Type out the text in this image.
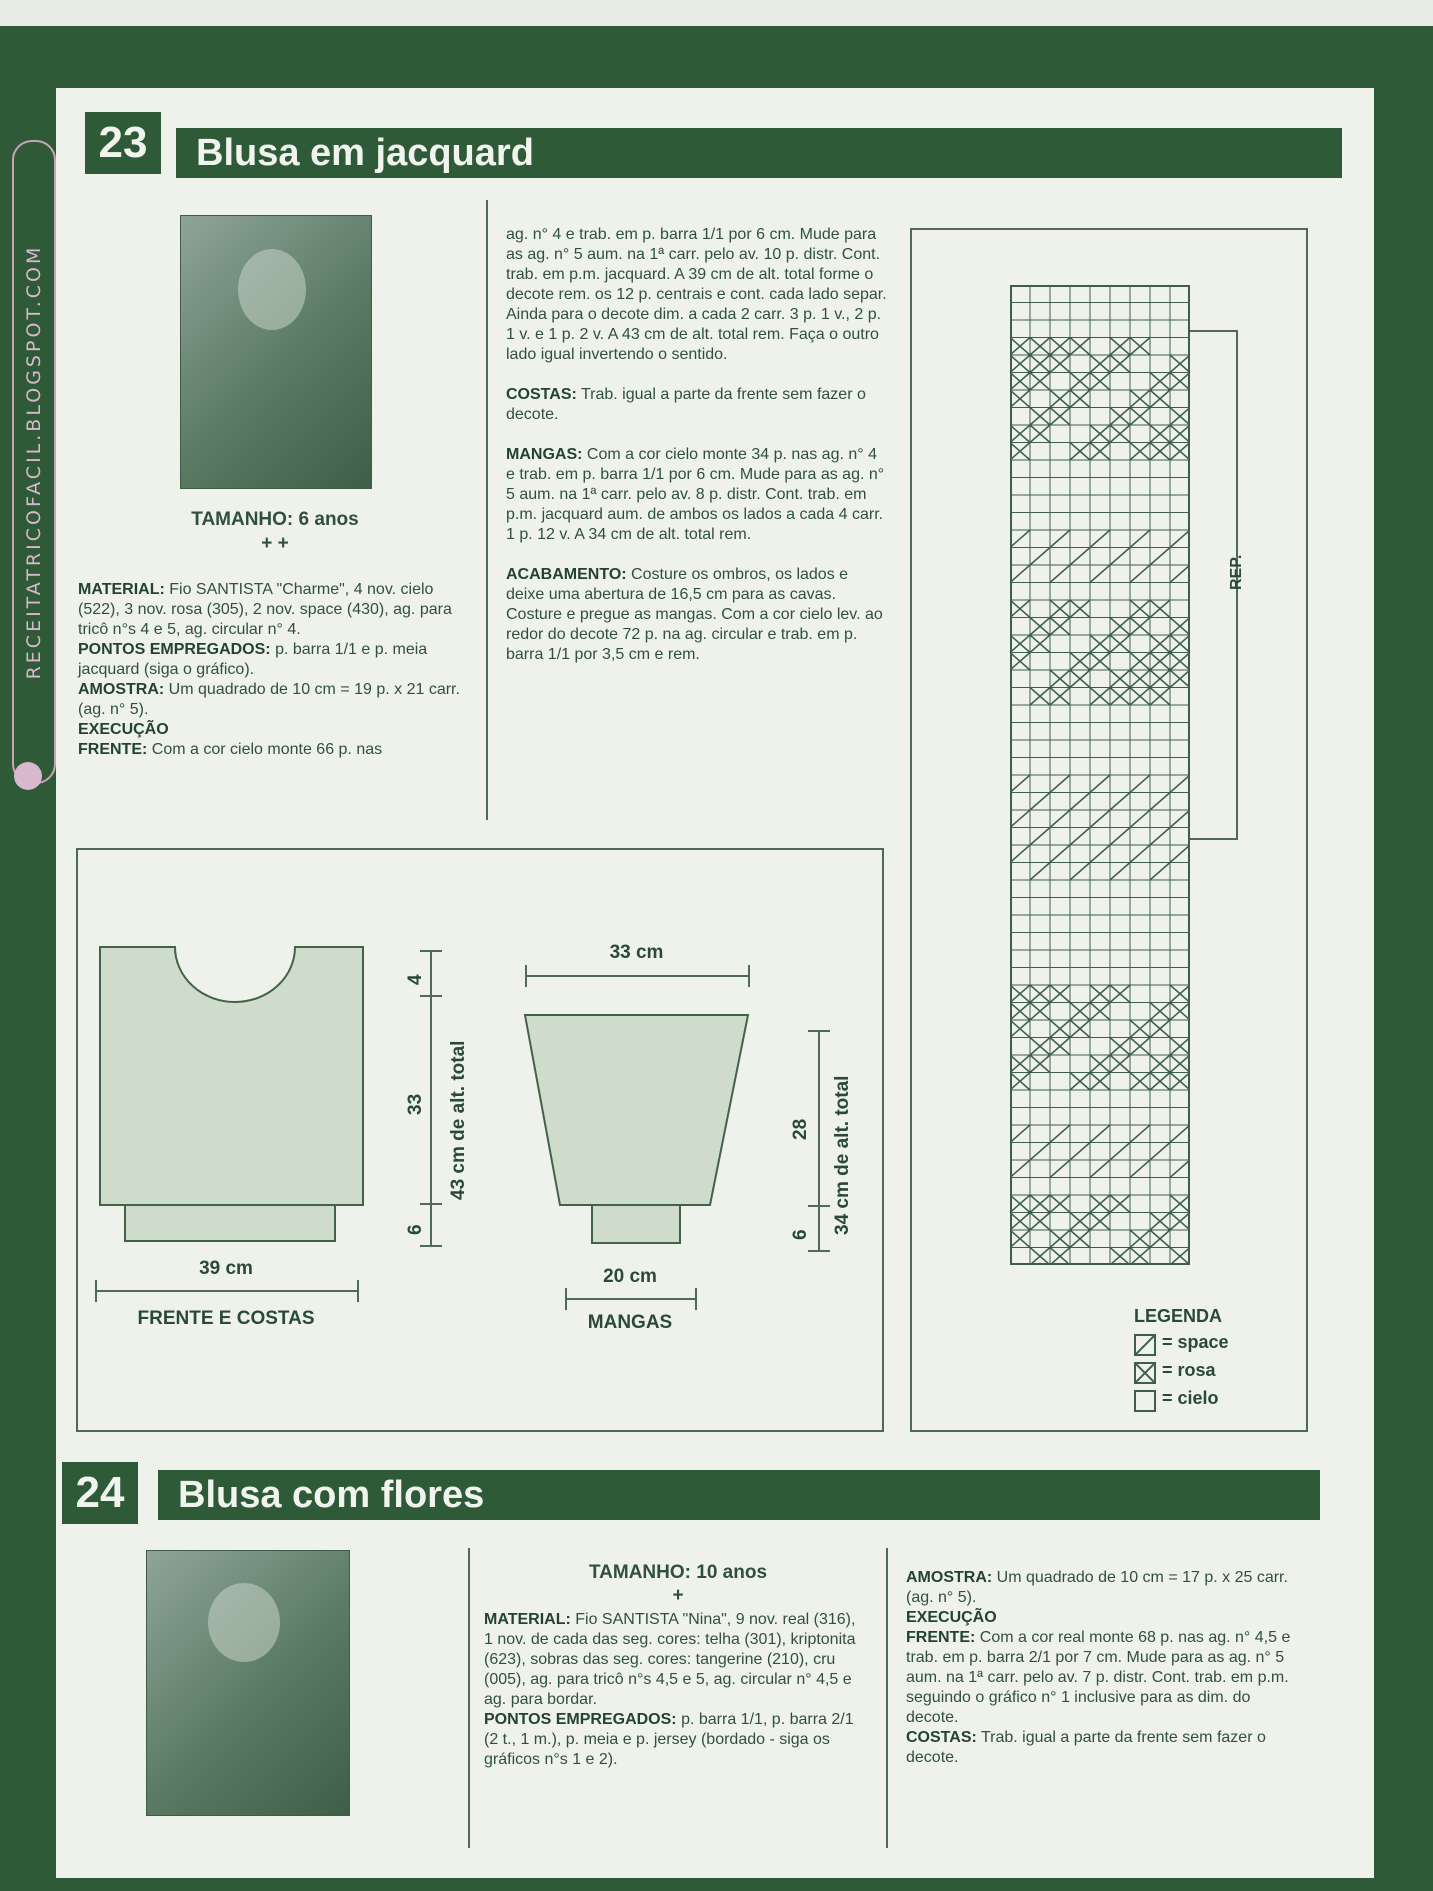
RECEITATRICOFACIL.BLOGSPOT.COM
23	Blusa em jacquard
TAMANHO: 6 anos
+ +
MATERIAL: Fio SANTISTA "Charme", 4 nov. cielo (522), 3 nov. rosa (305), 2 nov. space (430), ag. para tricô n°s 4 e 5, ag. circular n° 4.
PONTOS EMPREGADOS: p. barra 1/1 e p. meia jacquard (siga o gráfico).
AMOSTRA: Um quadrado de 10 cm = 19 p. x 21 carr. (ag. n° 5).
EXECUÇÃO
FRENTE: Com a cor cielo monte 66 p. nas
ag. n° 4 e trab. em p. barra 1/1 por 6 cm. Mude para as ag. n° 5 aum. na 1ª carr. pelo av. 10 p. distr. Cont. trab. em p.m. jacquard. A 39 cm de alt. total forme o decote rem. os 12 p. centrais e cont. cada lado separ. Ainda para o decote dim. a cada 2 carr. 3 p. 1 v., 2 p. 1 v. e 1 p. 2 v. A 43 cm de alt. total rem. Faça o outro lado igual invertendo o sentido.

COSTAS: Trab. igual a parte da frente sem fazer o decote.

MANGAS: Com a cor cielo monte 34 p. nas ag. n° 4 e trab. em p. barra 1/1 por 6 cm. Mude para as ag. n° 5 aum. na 1ª carr. pelo av. 8 p. distr. Cont. trab. em p.m. jacquard aum. de ambos os lados a cada 4 carr. 1 p. 12 v. A 34 cm de alt. total rem.

ACABAMENTO: Costure os ombros, os lados e deixe uma abertura de 16,5 cm para as cavas. Costure e pregue as mangas. Com a cor cielo lev. ao redor do decote 72 p. na ag. circular e trab. em p. barra 1/1 por 3,5 cm e rem.
39 cm
FRENTE E COSTAS
4
33
6
43 cm de alt. total
33 cm
20 cm
MANGAS
28
6 34 cm de alt. total
REP.
LEGENDA
= space
= rosa
= cielo
24	Blusa com flores
TAMANHO: 10 anos
+
MATERIAL: Fio SANTISTA "Nina", 9 nov. real (316), 1 nov. de cada das seg. cores: telha (301), kriptonita (623), sobras das seg. cores: tangerine (210), cru (005), ag. para tricô n°s 4,5 e 5, ag. circular n° 4,5 e ag. para bordar.
PONTOS EMPREGADOS: p. barra 1/1, p. barra 2/1 (2 t., 1 m.), p. meia e p. jersey (bordado - siga os gráficos n°s 1 e 2).
AMOSTRA: Um quadrado de 10 cm = 17 p. x 25 carr. (ag. n° 5).
EXECUÇÃO
FRENTE: Com a cor real monte 68 p. nas ag. n° 4,5 e trab. em p. barra 2/1 por 7 cm. Mude para as ag. n° 5 aum. na 1ª carr. pelo av. 7 p. distr. Cont. trab. em p.m. seguindo o gráfico n° 1 inclusive para as dim. do decote.
COSTAS: Trab. igual a parte da frente sem fazer o decote.
